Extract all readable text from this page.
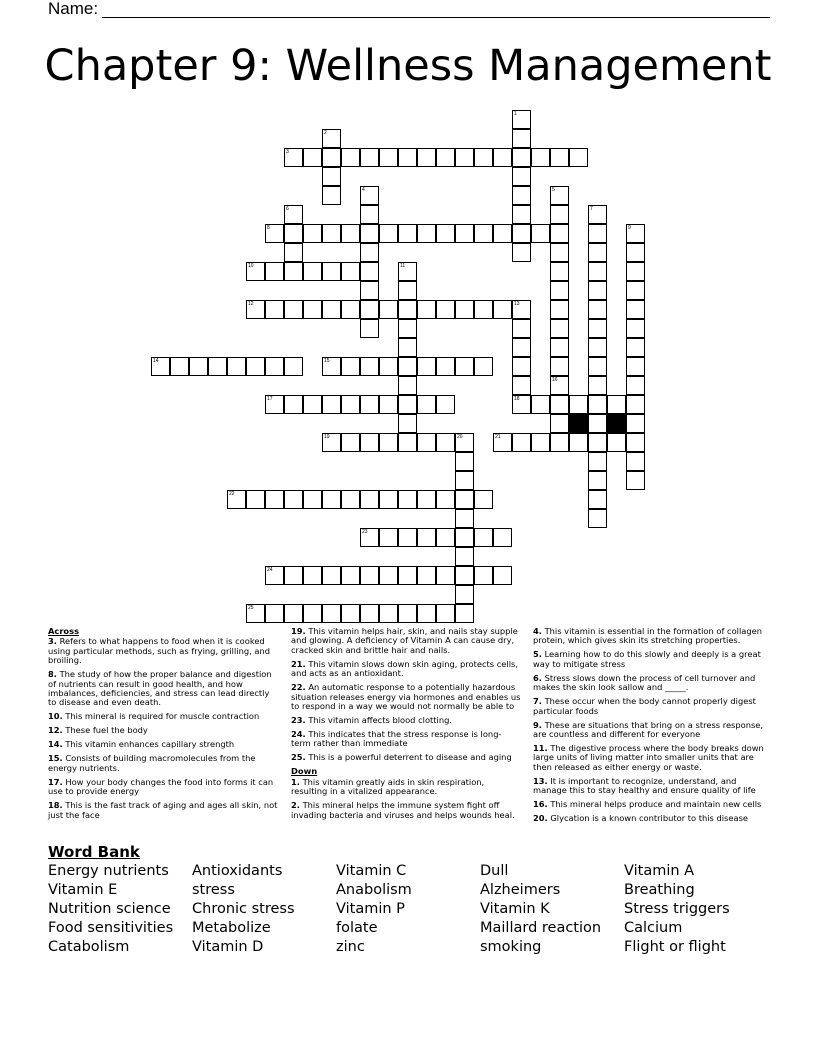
Name:
Chapter 9: Wellness Management
1
2
3
4	5
6	7
8	9
10	11
12	13
18
14	15
16
17
19	20	21
22
23
24
25
Across
3. Refers to what happens to food when it is cooked using particular methods, such as frying, grilling, and broiling.
8. The study of how the proper balance and digestion of nutrients can result in good health, and how imbalances, deficiencies, and stress can lead directly to disease and even death.
10. This mineral is required for muscle contraction
12. These fuel the body
14. This vitamin enhances capillary strength
15. Consists of building macromolecules from the energy nutrients.
17. How your body changes the food into forms it can use to provide energy
18. This is the fast track of aging and ages all skin, not just the face
19. This vitamin helps hair, skin, and nails stay supple and glowing. A deficiency of Vitamin A can cause dry, cracked skin and brittle hair and nails.
21. This vitamin slows down skin aging, protects cells, and acts as an antioxidant.
22. An automatic response to a potentially hazardous situation releases energy via hormones and enables us to respond in a way we would not normally be able to
23. This vitamin affects blood clotting.
24. This indicates that the stress response is long-term rather than immediate
25. This is a powerful deterrent to disease and aging
Down
1. This vitamin greatly aids in skin respiration, resulting in a vitalized appearance.
2. This mineral helps the immune system fight off invading bacteria and viruses and helps wounds heal.
4. This vitamin is essential in the formation of collagen protein, which gives skin its stretching properties.
5. Learning how to do this slowly and deeply is a great way to mitigate stress
6. Stress slows down the process of cell turnover and makes the skin look sallow and _____.
7. These occur when the body cannot properly digest particular foods
9. These are situations that bring on a stress response, are countless and different for everyone
11. The digestive process where the body breaks down large units of living matter into smaller units that are then released as either energy or waste.
13. It is important to recognize, understand, and manage this to stay healthy and ensure quality of life
16. This mineral helps produce and maintain new cells
20. Glycation is a known contributor to this disease
Word Bank
Energy nutrients
Vitamin E
Nutrition science
Food sensitivities
Catabolism
Antioxidants
stress
Chronic stress
Metabolize
Vitamin D
Vitamin C
Anabolism
Vitamin P
folate
zinc
Dull
Alzheimers
Vitamin K
Maillard reaction
smoking
Vitamin A
Breathing
Stress triggers
Calcium
Flight or flight
